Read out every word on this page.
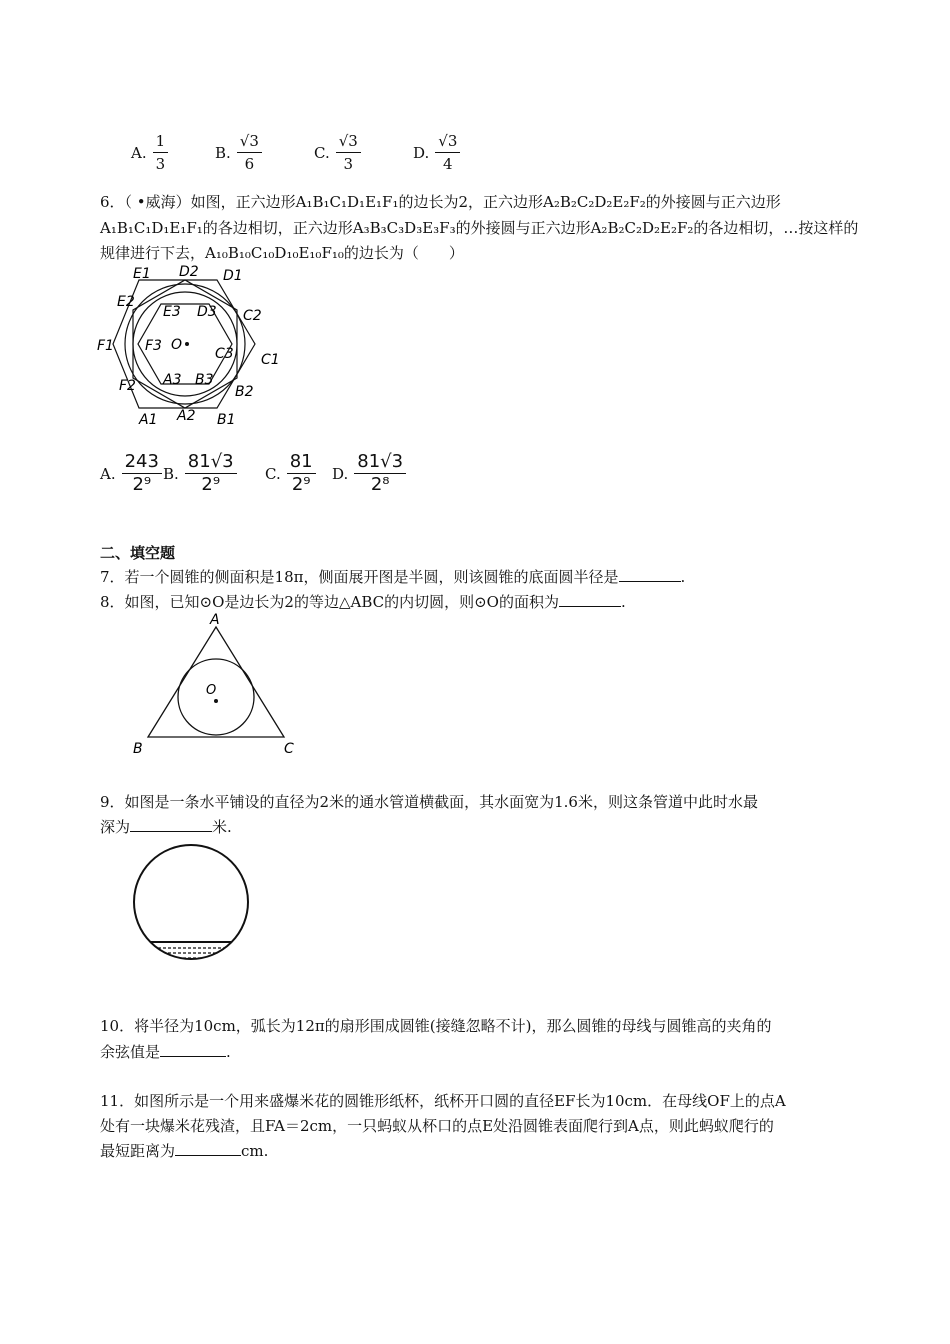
A. $\frac{1}{3}$	B. $\frac{√3}{6}$	C. $\frac{√3}{3}$	D. $\frac{√3}{4}$
6．（ •威海）如图，正六边形A₁B₁C₁D₁E₁F₁的边长为2，正六边形A₂B₂C₂D₂E₂F₂的外接圆与正六边形
A₁B₁C₁D₁E₁F₁的各边相切，正六边形A₃B₃C₃D₃E₃F₃的外接圆与正六边形A₂B₂C₂D₂E₂F₂的各边相切，…按这样的
规律进行下去，A₁₀B₁₀C₁₀D₁₀E₁₀F₁₀的边长为（　　）
E1 D2 D1
E2
E3 D3 C2
F1 F3 O
C3 C1
F2 A3 B3
B2
A1 A2 B1
A. $\frac{243}{\text{2⁹}} B$. $\frac{81√3}{\text{2⁹}} C$. $\frac{81}{\text{2⁹}} D$. $\frac{81√3}{\text{2⁸}}$
二、填空题
7．若一个圆锥的侧面积是18π，侧面展开图是半圆，则该圆锥的底面圆半径是	.
8．如图，已知⊙O是边长为2的等边△ABC的内切圆，则⊙O的面积为	.
A
B	C
O
9．如图是一条水平铺设的直径为2米的通水管道横截面，其水面宽为1.6米，则这条管道中此时水最
深为	米.
10．将半径为10cm，弧长为12π的扇形围成圆锥(接缝忽略不计)，那么圆锥的母线与圆锥高的夹角的
余弦值是	.
11．如图所示是一个用来盛爆米花的圆锥形纸杯，纸杯开口圆的直径EF长为10cm．在母线OF上的点A
处有一块爆米花残渣，且FA＝2cm，一只蚂蚁从杯口的点E处沿圆锥表面爬行到A点，则此蚂蚁爬行的
最短距离为	cm.
